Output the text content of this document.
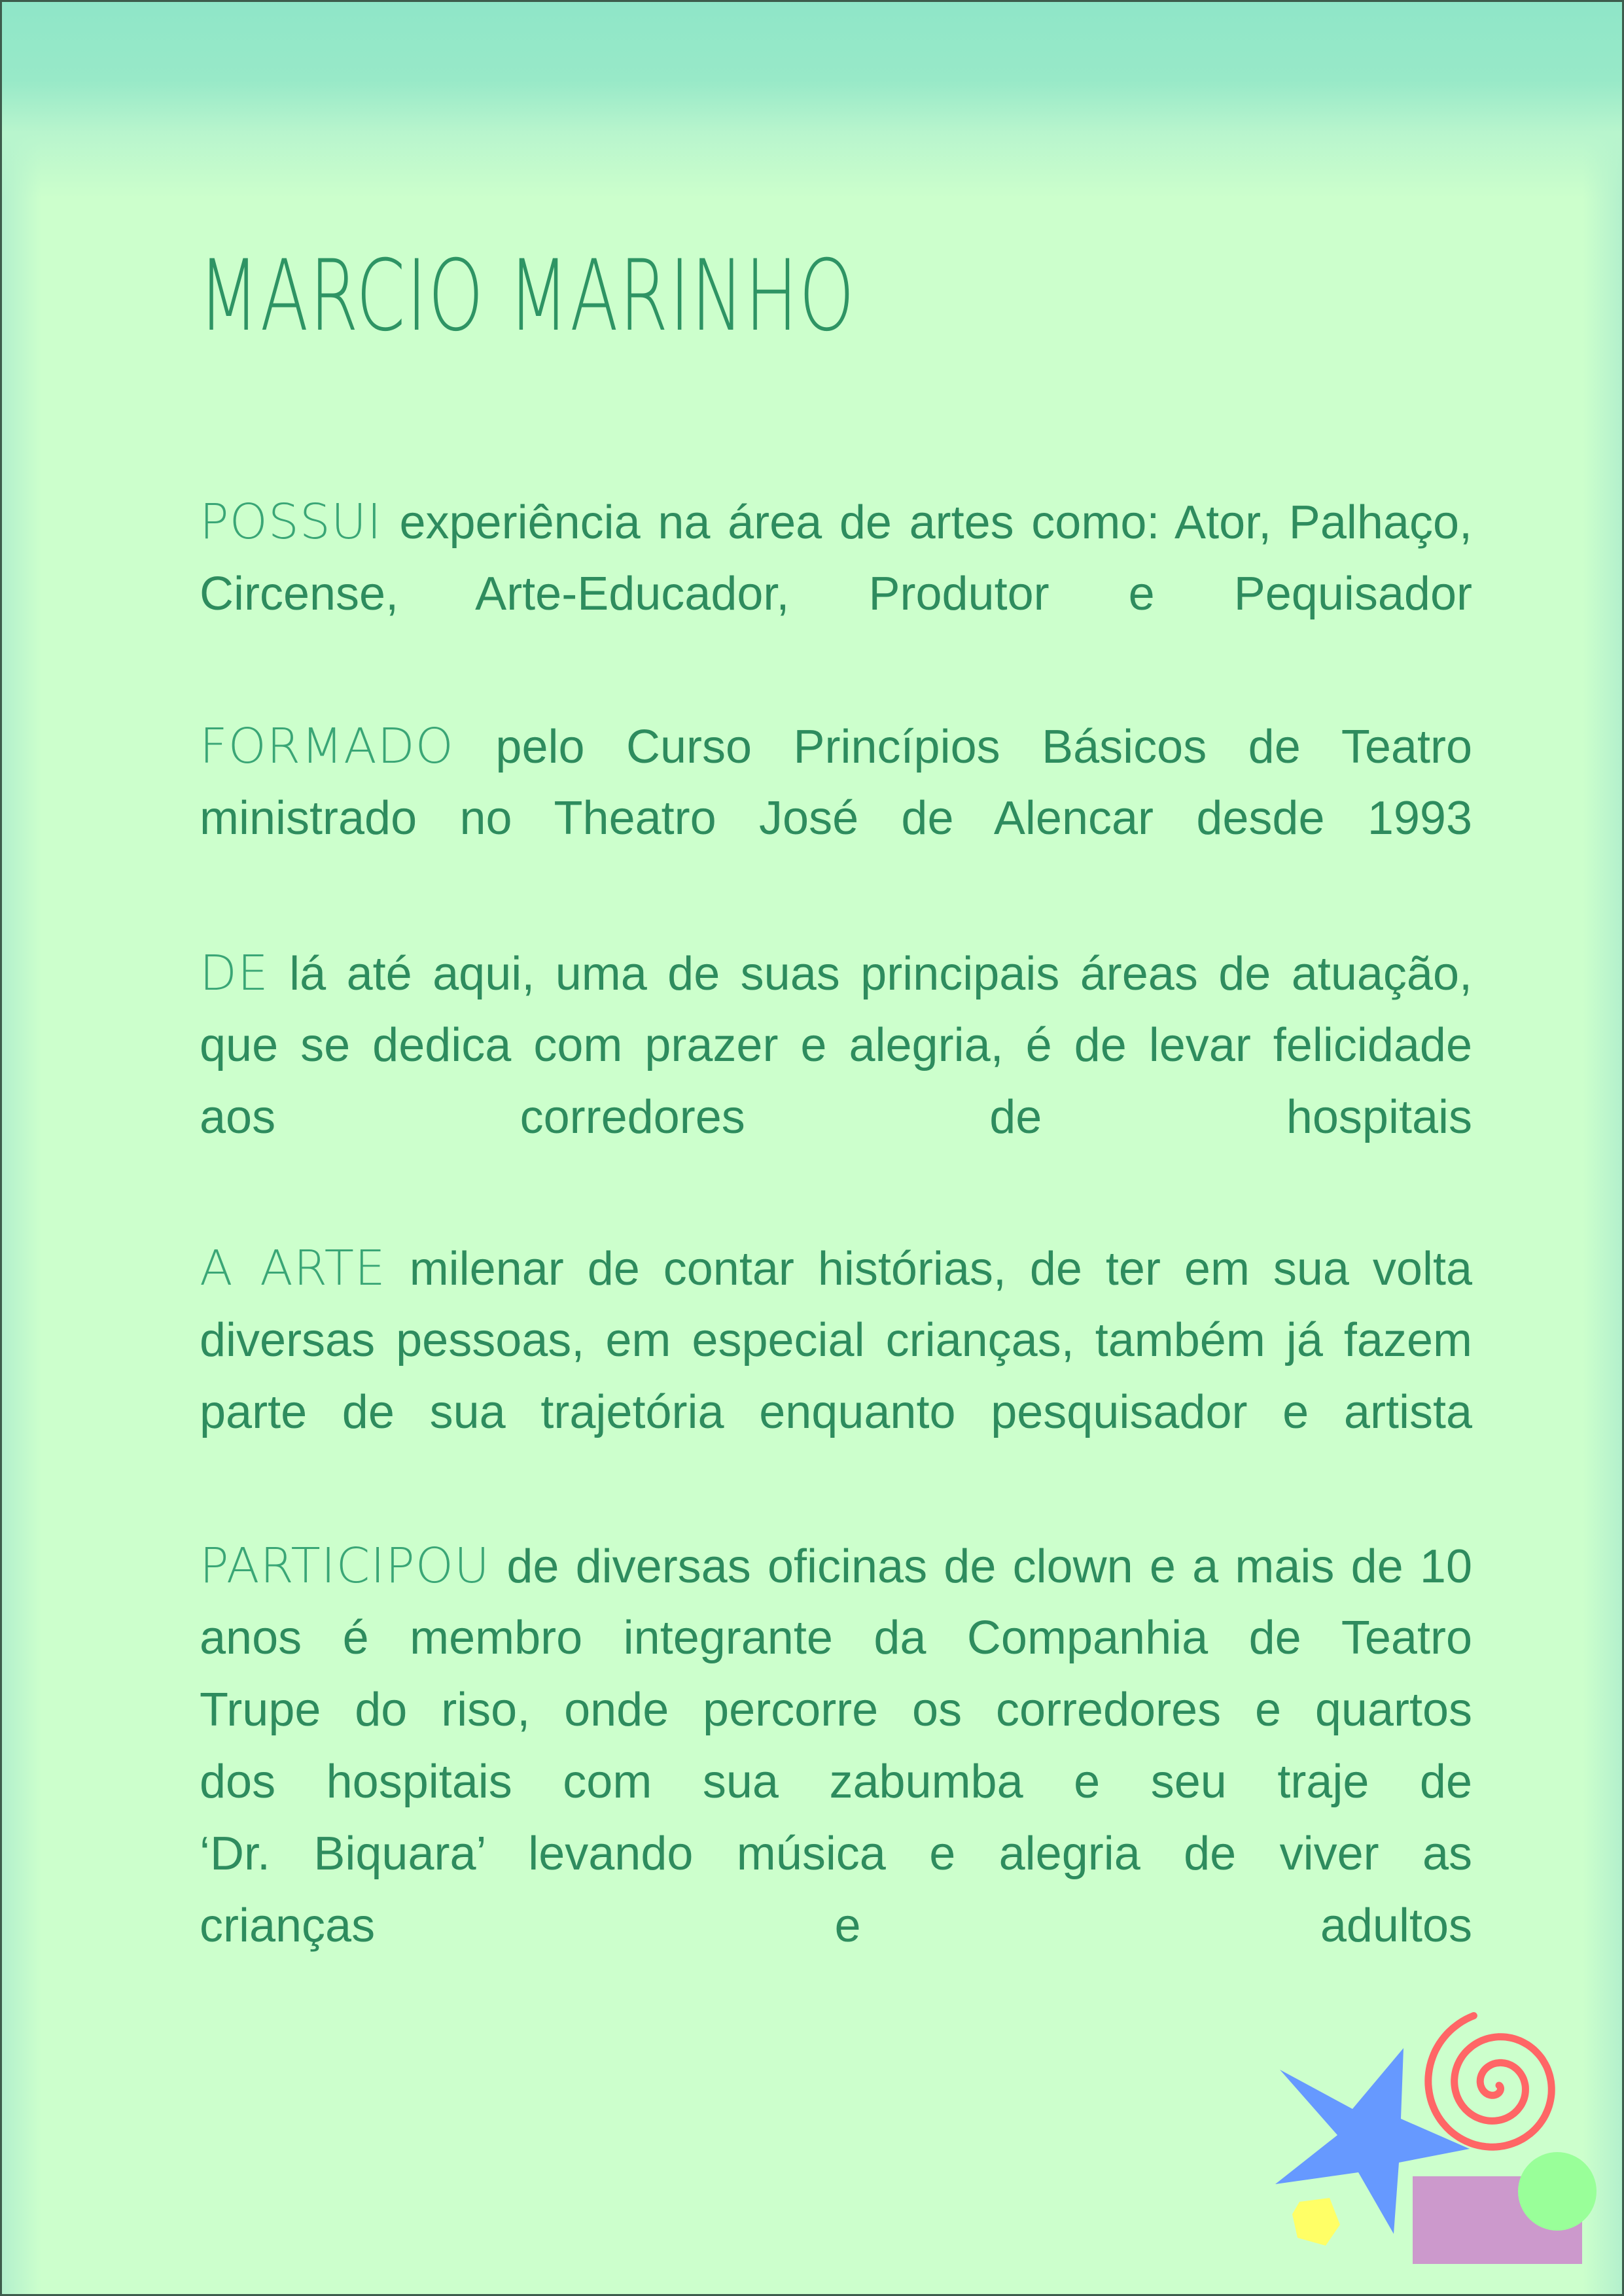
MARCIO MARINHO

POSSUI experiência na área de artes como: Ator, Palhaço,
Circense, Arte-Educador, Produtor e Pequisador

FORMADO pelo Curso Princípios Básicos de Teatro
ministrado no Theatro José de Alencar desde 1993

DE lá até aqui, uma de suas principais áreas de atuação,
que se dedica com prazer e alegria, é de levar felicidade
aos corredores de hospitais

A ARTE milenar de contar histórias, de ter em sua volta
diversas pessoas, em especial crianças, também já fazem
parte de sua trajetória enquanto pesquisador e artista

PARTICIPOU de diversas oficinas de clown e a mais de 10
anos é membro integrante da Companhia de Teatro
Trupe do riso, onde percorre os corredores e quartos
dos hospitais com sua zabumba e seu traje de
‘Dr. Biquara’ levando música e alegria de viver as
crianças e adultos
